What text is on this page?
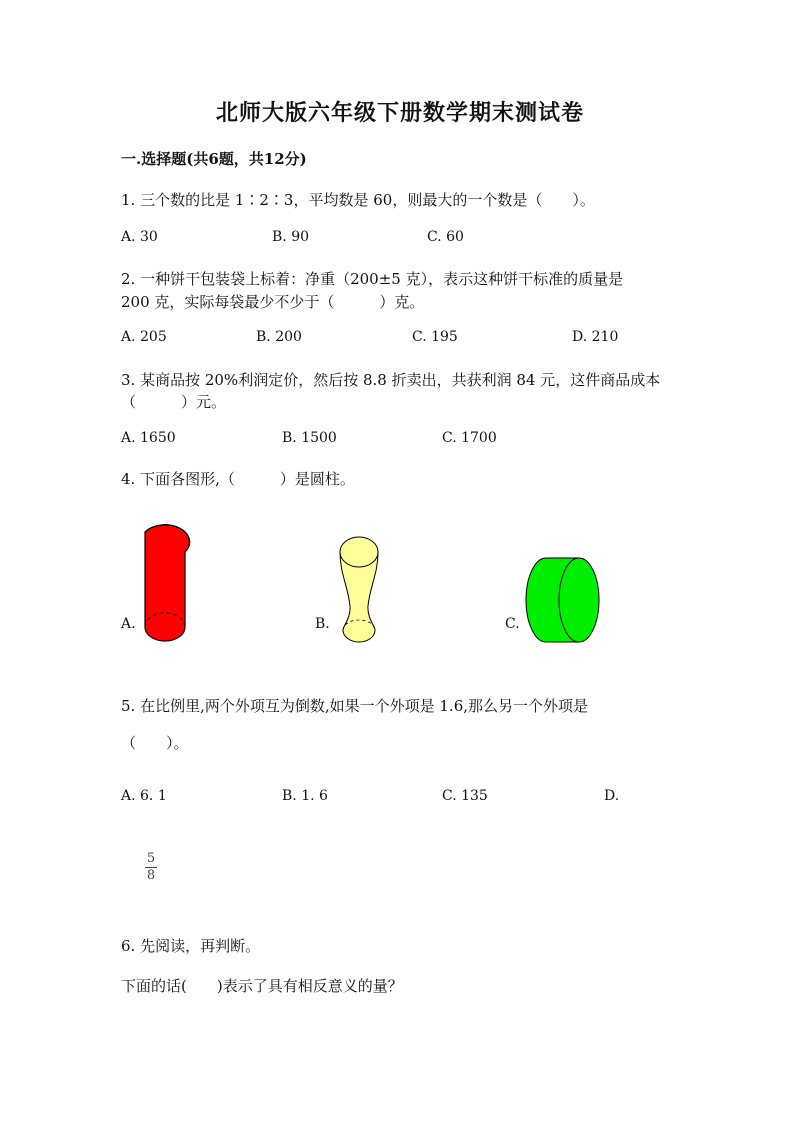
北师大版六年级下册数学期末测试卷
一.选择题(共6题，共12分)
1. 三个数的比是 1∶2∶3，平均数是 60，则最大的一个数是（　　）。
A. 30	B. 90	C. 60
2. 一种饼干包装袋上标着：净重（200±5 克），表示这种饼干标准的质量是
200 克，实际每袋最少不少于（　　　）克。
A. 205	B. 200	C. 195	D. 210
3. 某商品按 20%利润定价，然后按 8.8 折卖出，共获利润 84 元，这件商品成本
（　　　）元。
A. 1650	B. 1500	C. 1700
4. 下面各图形,（　　　）是圆柱。
A.	B.	C.
5. 在比例里,两个外项互为倒数,如果一个外项是 1.6,那么另一个外项是
（　　）。
A. 6. 1	B. 1. 6	C. 135	D.
5
8
6. 先阅读，再判断。
下面的话(　　)表示了具有相反意义的量？
